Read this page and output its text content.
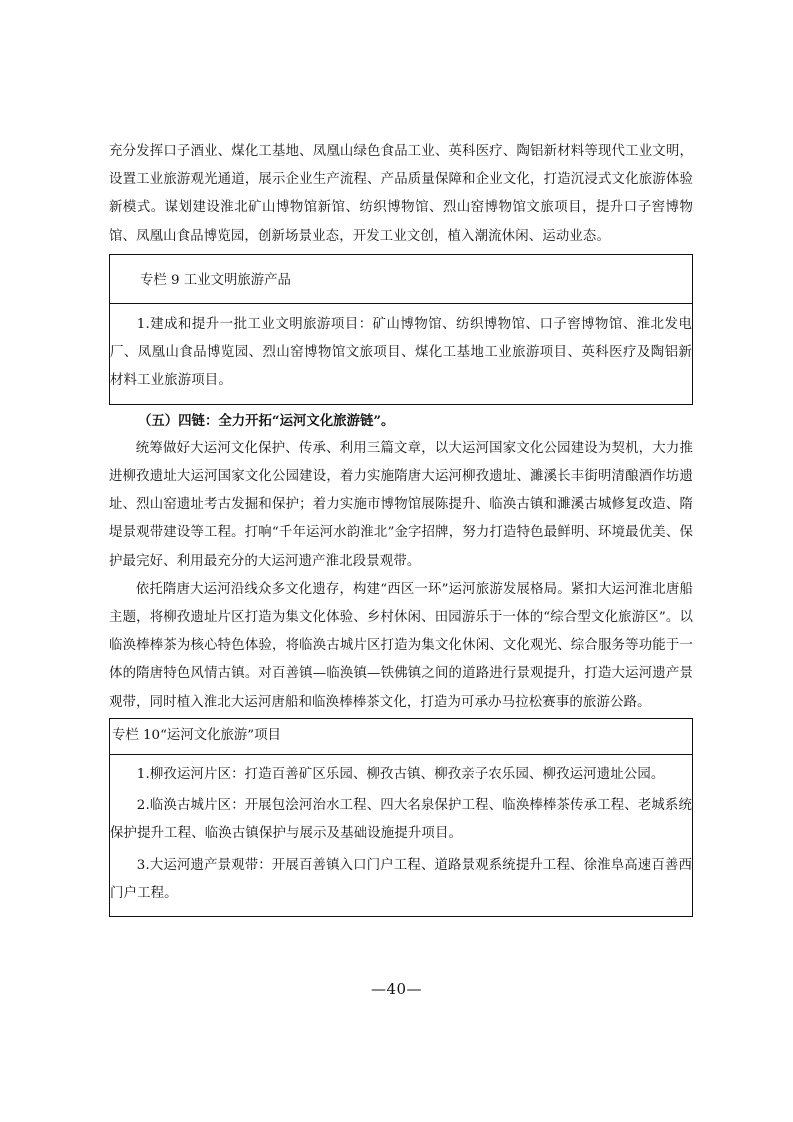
充分发挥口子酒业、煤化工基地、凤凰山绿色食品工业、英科医疗、陶铝新材料等现代工业文明，设置工业旅游观光通道，展示企业生产流程、产品质量保障和企业文化，打造沉浸式文化旅游体验新模式。谋划建设淮北矿山博物馆新馆、纺织博物馆、烈山窑博物馆文旅项目，提升口子窖博物馆、凤凰山食品博览园，创新场景业态，开发工业文创，植入潮流休闲、运动业态。

专栏 9 工业文明旅游产品

1.建成和提升一批工业文明旅游项目：矿山博物馆、纺织博物馆、口子窖博物馆、淮北发电厂、凤凰山食品博览园、烈山窑博物馆文旅项目、煤化工基地工业旅游项目、英科医疗及陶铝新材料工业旅游项目。

（五）四链：全力开拓“运河文化旅游链”。

统筹做好大运河文化保护、传承、利用三篇文章，以大运河国家文化公园建设为契机，大力推进柳孜遗址大运河国家文化公园建设，着力实施隋唐大运河柳孜遗址、濉溪长丰街明清酿酒作坊遗址、烈山窑遗址考古发掘和保护；着力实施市博物馆展陈提升、临涣古镇和濉溪古城修复改造、隋堤景观带建设等工程。打响“千年运河水韵淮北”金字招牌，努力打造特色最鲜明、环境最优美、保护最完好、利用最充分的大运河遗产淮北段景观带。

依托隋唐大运河沿线众多文化遗存，构建“西区一环”运河旅游发展格局。紧扣大运河淮北唐船主题，将柳孜遗址片区打造为集文化体验、乡村休闲、田园游乐于一体的“综合型文化旅游区”。以临涣棒棒茶为核心特色体验，将临涣古城片区打造为集文化休闲、文化观光、综合服务等功能于一体的隋唐特色风情古镇。对百善镇—临涣镇—铁佛镇之间的道路进行景观提升，打造大运河遗产景观带，同时植入淮北大运河唐船和临涣棒棒茶文化，打造为可承办马拉松赛事的旅游公路。

专栏 10“运河文化旅游”项目

1.柳孜运河片区：打造百善矿区乐园、柳孜古镇、柳孜亲子农乐园、柳孜运河遗址公园。

2.临涣古城片区：开展包浍河治水工程、四大名泉保护工程、临涣棒棒茶传承工程、老城系统保护提升工程、临涣古镇保护与展示及基础设施提升项目。

3.大运河遗产景观带：开展百善镇入口门户工程、道路景观系统提升工程、徐淮阜高速百善西门户工程。

—40—
